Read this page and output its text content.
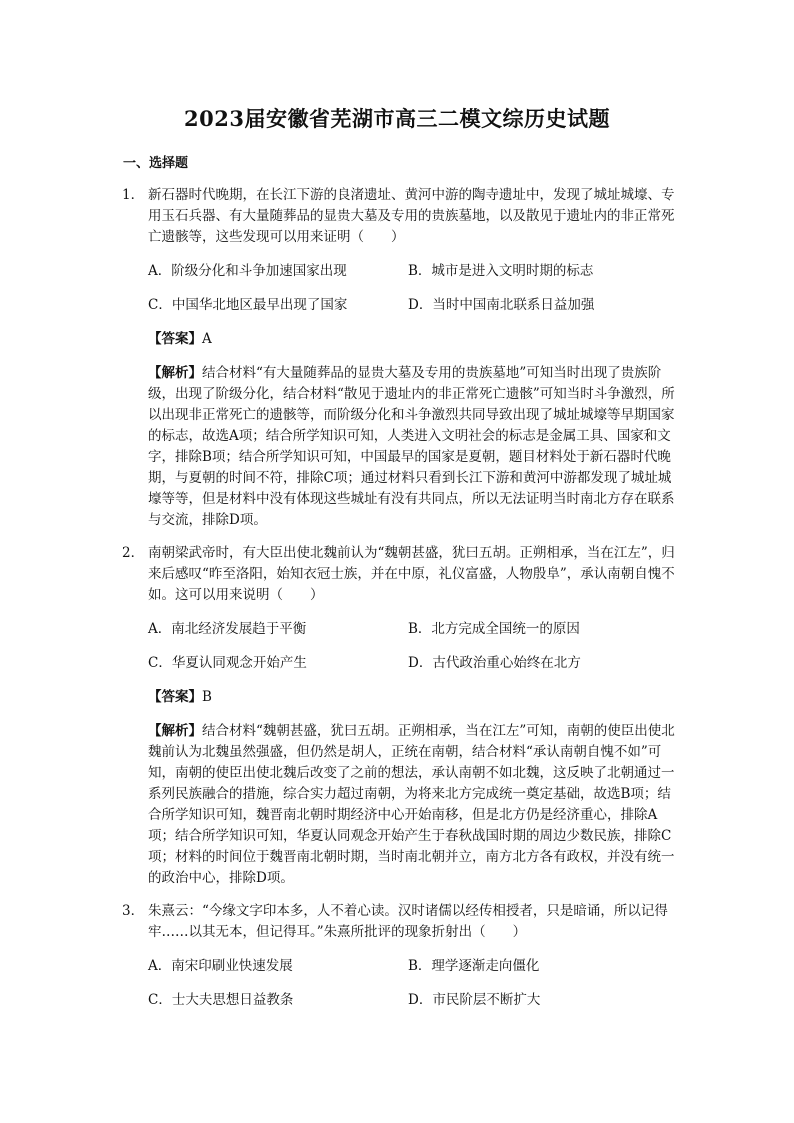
2023届安徽省芜湖市高三二模文综历史试题
一、选择题
1． 新石器时代晚期，在长江下游的良渚遗址、黄河中游的陶寺遗址中，发现了城址城壕、专用玉石兵器、有大量随葬品的显贵大墓及专用的贵族墓地，以及散见于遗址内的非正常死亡遗骸等，这些发现可以用来证明（　　）
A．阶级分化和斗争加速国家出现	B．城市是进入文明时期的标志
C．中国华北地区最早出现了国家	D．当时中国南北联系日益加强
【答案】A
【解析】结合材料“有大量随葬品的显贵大墓及专用的贵族墓地”可知当时出现了贵族阶级，出现了阶级分化，结合材料“散见于遗址内的非正常死亡遗骸”可知当时斗争激烈，所以出现非正常死亡的遗骸等，而阶级分化和斗争激烈共同导致出现了城址城壕等早期国家的标志，故选A项；结合所学知识可知，人类进入文明社会的标志是金属工具、国家和文字，排除B项；结合所学知识可知，中国最早的国家是夏朝，题目材料处于新石器时代晚期，与夏朝的时间不符，排除C项；通过材料只看到长江下游和黄河中游都发现了城址城壕等等，但是材料中没有体现这些城址有没有共同点，所以无法证明当时南北方存在联系与交流，排除D项。
2． 南朝梁武帝时，有大臣出使北魏前认为“魏朝甚盛，犹曰五胡。正朔相承，当在江左”，归来后感叹“昨至洛阳，始知衣冠士族，并在中原，礼仪富盛，人物殷阜”，承认南朝自愧不如。这可以用来说明（　　）
A．南北经济发展趋于平衡	B．北方完成全国统一的原因
C．华夏认同观念开始产生	D．古代政治重心始终在北方
【答案】B
【解析】结合材料“魏朝甚盛，犹曰五胡。正朔相承，当在江左”可知，南朝的使臣出使北魏前认为北魏虽然强盛，但仍然是胡人，正统在南朝，结合材料“承认南朝自愧不如”可知，南朝的使臣出使北魏后改变了之前的想法，承认南朝不如北魏，这反映了北朝通过一系列民族融合的措施，综合实力超过南朝，为将来北方完成统一奠定基础，故选B项；结合所学知识可知，魏晋南北朝时期经济中心开始南移，但是北方仍是经济重心，排除A项；结合所学知识可知，华夏认同观念开始产生于春秋战国时期的周边少数民族，排除C项；材料的时间位于魏晋南北朝时期，当时南北朝并立，南方北方各有政权，并没有统一的政治中心，排除D项。
3． 朱熹云：“今缘文字印本多，人不着心读。汉时诸儒以经传相授者，只是暗诵，所以记得牢……以其无本，但记得耳。”朱熹所批评的现象折射出（　　）
A．南宋印刷业快速发展	B．理学逐渐走向僵化
C．士大夫思想日益教条	D．市民阶层不断扩大
